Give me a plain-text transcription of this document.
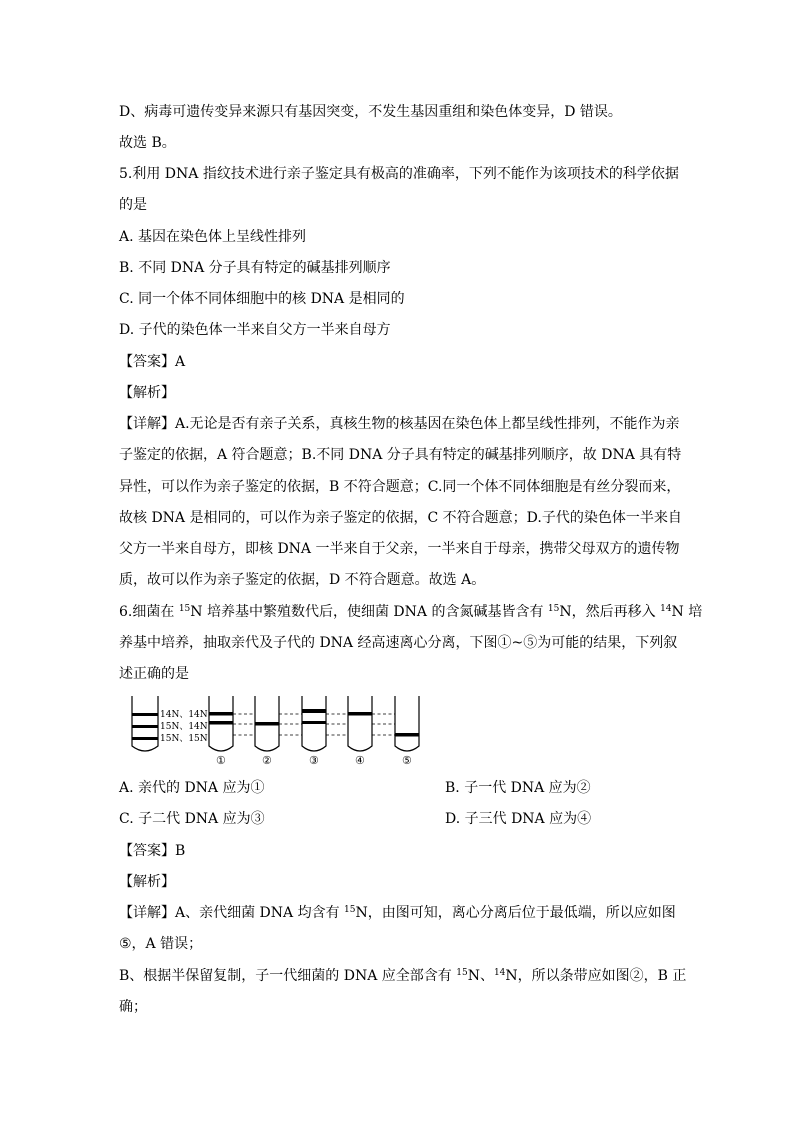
D、病毒可遗传变异来源只有基因突变，不发生基因重组和染色体变异，D 错误。
故选 B。
5.利用 DNA 指纹技术进行亲子鉴定具有极高的准确率，下列不能作为该项技术的科学依据
的是
A. 基因在染色体上呈线性排列
B. 不同 DNA 分子具有特定的碱基排列顺序
C. 同一个体不同体细胞中的核 DNA 是相同的
D. 子代的染色体一半来自父方一半来自母方
【答案】A
【解析】
【详解】A.无论是否有亲子关系，真核生物的核基因在染色体上都呈线性排列，不能作为亲
子鉴定的依据，A 符合题意；B.不同 DNA 分子具有特定的碱基排列顺序，故 DNA 具有特
异性，可以作为亲子鉴定的依据，B 不符合题意；C.同一个体不同体细胞是有丝分裂而来，
故核 DNA 是相同的，可以作为亲子鉴定的依据，C 不符合题意；D.子代的染色体一半来自
父方一半来自母方，即核 DNA 一半来自于父亲，一半来自于母亲，携带父母双方的遗传物
质，故可以作为亲子鉴定的依据，D 不符合题意。故选 A。
6.细菌在 $^{15}$N 培养基中繁殖数代后，使细菌 DNA 的含氮碱基皆含有 $^{15}$N，然后再移入 $^{14}$N 培
养基中培养，抽取亲代及子代的 DNA 经高速离心分离，下图①~⑤为可能的结果，下列叙
述正确的是
14N、14N
15N、14N
15N、15N
①	②	③	④	⑤
A. 亲代的 DNA 应为①	B. 子一代 DNA 应为②
C. 子二代 DNA 应为③	D. 子三代 DNA 应为④
【答案】B
【解析】
【详解】A、亲代细菌 DNA 均含有 $^{15}$N，由图可知，离心分离后位于最低端，所以应如图
⑤，A 错误；
B、根据半保留复制，子一代细菌的 DNA 应全部含有 $^{15}$N、$^{14}$N，所以条带应如图②，B 正
确；
